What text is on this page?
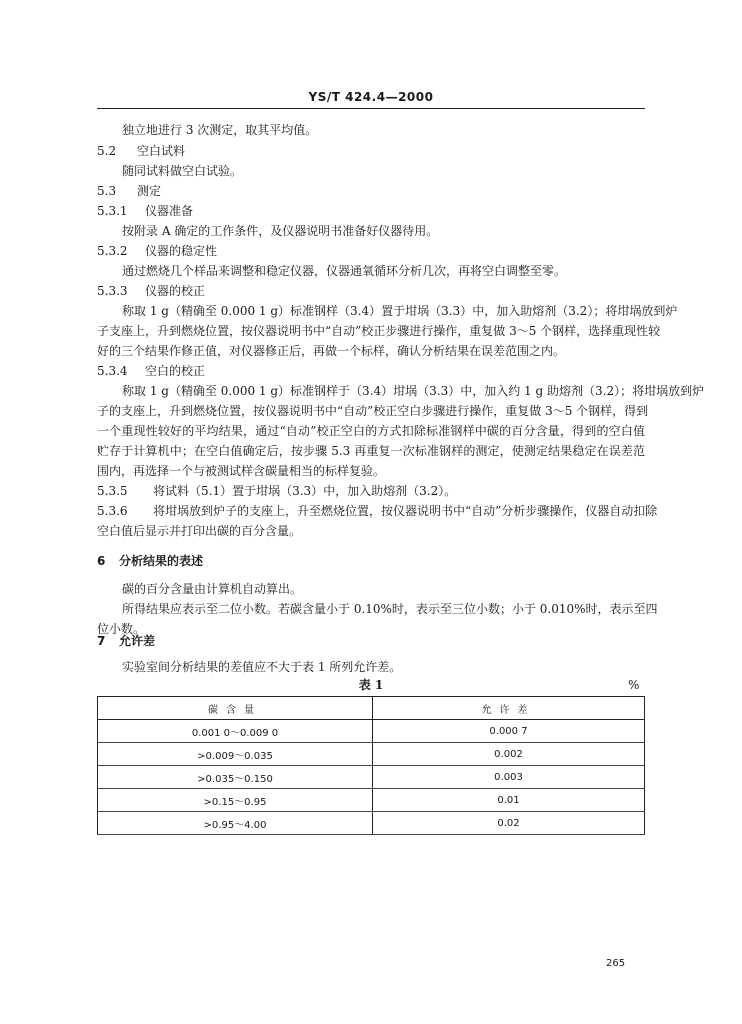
YS/T 424.4—2000
独立地进行 3 次测定，取其平均值。
5.2 空白试料
随同试料做空白试验。
5.3 测定
5.3.1 仪器准备
按附录 A 确定的工作条件，及仪器说明书准备好仪器待用。
5.3.2 仪器的稳定性
通过燃烧几个样品来调整和稳定仪器，仪器通氧循环分析几次，再将空白调整至零。
5.3.3 仪器的校正
称取 1 g（精确至 0.000 1 g）标准钢样（3.4）置于坩埚（3.3）中，加入助熔剂（3.2）；将坩埚放到炉
子支座上，升到燃烧位置，按仪器说明书中“自动”校正步骤进行操作，重复做 3～5 个钢样，选择重现性较
好的三个结果作修正值，对仪器修正后，再做一个标样，确认分析结果在误差范围之内。
5.3.4 空白的校正
称取 1 g（精确至 0.000 1 g）标准钢样于（3.4）坩埚（3.3）中，加入约 1 g 助熔剂（3.2）；将坩埚放到炉
子的支座上，升到燃烧位置，按仪器说明书中“自动”校正空白步骤进行操作，重复做 3～5 个钢样，得到
一个重现性较好的平均结果，通过“自动”校正空白的方式扣除标准钢样中碳的百分含量，得到的空白值
贮存于计算机中；在空白值确定后，按步骤 5.3 再重复一次标准钢样的测定，使测定结果稳定在误差范
围内，再选择一个与被测试样含碳量相当的标样复验。
5.3.5 将试料（5.1）置于坩埚（3.3）中，加入助熔剂（3.2）。
5.3.6 将坩埚放到炉子的支座上，升至燃烧位置，按仪器说明书中“自动”分析步骤操作，仪器自动扣除
空白值后显示并打印出碳的百分含量。
6 分析结果的表述
碳的百分含量由计算机自动算出。
所得结果应表示至二位小数。若碳含量小于 0.10%时，表示至三位小数；小于 0.010%时，表示至四
位小数。
7 允许差
实验室间分析结果的差值应不大于表 1 所列允许差。
表 1	%
碳含量	允许差
0.001 0～0.009 0	0.000 7
>0.009～0.035	0.002
>0.035～0.150	0.003
>0.15～0.95	0.01
>0.95～4.00	0.02
265
